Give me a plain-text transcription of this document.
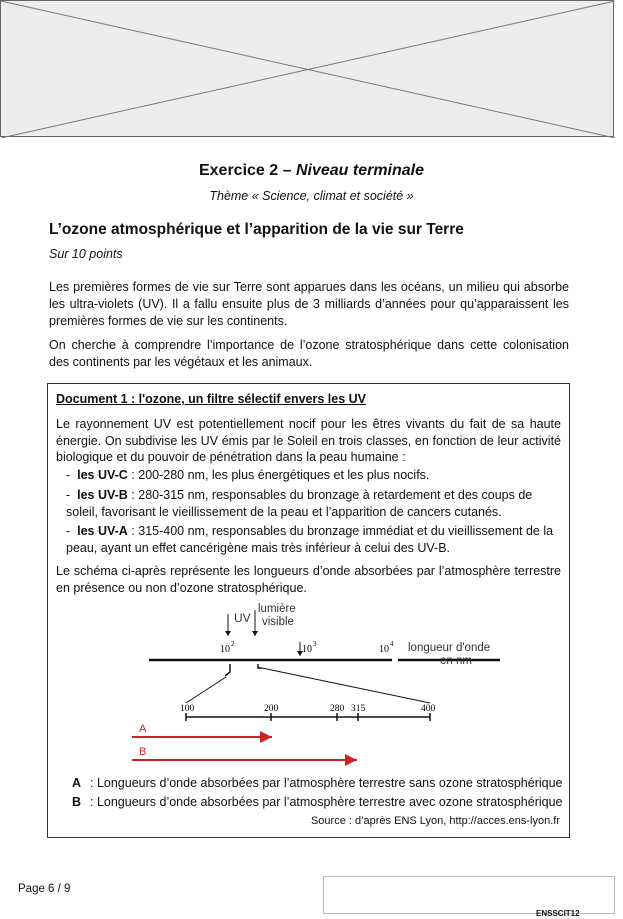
Exercice 2 – Niveau terminale
Thème « Science, climat et société »
L’ozone atmosphérique et l’apparition de la vie sur Terre
Sur 10 points

Les premières formes de vie sur Terre sont apparues dans les océans, un milieu qui absorbe les ultra-violets (UV). Il a fallu ensuite plus de 3 milliards d’années pour qu’apparaissent les premières formes de vie sur les continents.

On cherche à comprendre l’importance de l’ozone stratosphérique dans cette colonisation des continents par les végétaux et les animaux.

Document 1 : l'ozone, un filtre sélectif envers les UV

Le rayonnement UV est potentiellement nocif pour les êtres vivants du fait de sa haute énergie. On subdivise les UV émis par le Soleil en trois classes, en fonction de leur activité biologique et du pouvoir de pénétration dans la peau humaine :

-  les UV-C : 200-280 nm, les plus énergétiques et les plus nocifs.

-  les UV-B : 280-315 nm, responsables du bronzage à retardement et des coups de soleil, favorisant le vieillissement de la peau et l’apparition de cancers cutanés.

-  les UV-A : 315-400 nm, responsables du bronzage immédiat et du vieillissement de la peau, ayant un effet cancérigène mais très inférieur à celui des UV-B.

Le schéma ci-après représente les longueurs d’onde absorbées par l’atmosphère terrestre en présence ou non d’ozone stratosphérique.

UV
lumière
visible
10 2	10 3	10 4 longueur d'onde
en nm
100	200	280 315	400
A
B
A : Longueurs d’onde absorbées par l’atmosphère terrestre sans ozone stratosphérique
B : Longueurs d’onde absorbées par l’atmosphère terrestre avec ozone stratosphérique
Source : d’après ENS Lyon, http://acces.ens-lyon.fr
Page 6 / 9
ENSSCIT12
